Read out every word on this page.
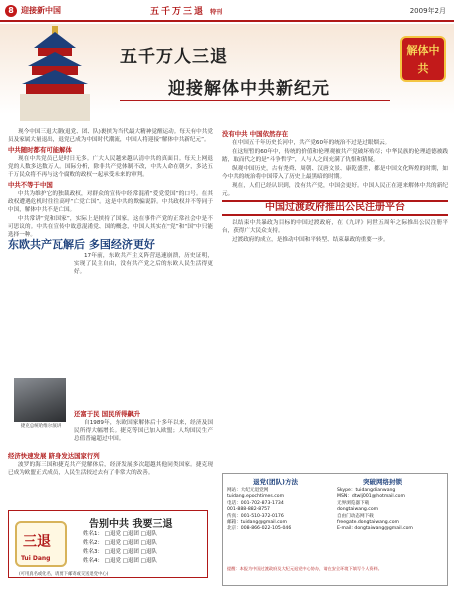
8 迎接新中国	五千万三退 特刊	2009年2月
五千万人三退
迎接解体中共新纪元
解体中共

现今中国三退大潮(退党、团、队)裹挟为当代最大精神觉醒运动。每天有中共党员及家属大量退出，退党已成为中国时代潮流，中国人将迎接“解体中共新纪元”。

中共随时都有可能解体

现在中共党员已是时日无多。广大人民越来越认清中共的真面目。每天上网退党的人数多达数万人。国际分析，除非共产党体制不改，中共人命在朝夕，多达五千万民众将不再与这个腐败的政权一起承受未来的审判。

中共不等于中国

中共为维护它的独裁政权，对群众的宣传中经常混淆“爱党爱国”的口号。在其政权遭遇危机时往往高呼“亡党亡国”。这是中共的欺骗说辞。中共政权并不等同于中国，解体中共不是亡国。

中共常讲“党和国家”，实际上是挟持了国家。这在事件产党的正常社会中是不可思议的。中共在宣传中故意混淆党、国的概念，中国人其实在“党”和“国”中只能选择一种。

东欧共产瓦解后 多国经济更好

17年前，东欧共产主义阵营迅速崩溃，历史证明，实现了民主自由，没有共产党之后的东欧人民生活得更好。

捷克总统哈维尔演讲
还富于民 国民所得飙升

自1989年，东欧国家解体后十多年以来，经济及国民所得大幅增长。捷克等国已加入欧盟；人均国民生产总值普遍超过中国。

经济快速发展 跻身发达国家行列

波罗的海三国和捷克共产党解体后，经济发展多次超越其他同类国家。捷克现已成为欧盟正式成员，人民生活较过去有了非常大的改善。

没有中共 中国依然存在

在中国五千年历史长河中，共产党60年的统治不过是过眼烟云。

在这短暂的60年中，传统的价值和伦理观被共产党破坏殆尽；中华民族的伦理道德被践踏，取而代之的是“斗争哲学”，人与人之间充满了仇恨和猜疑。

纵观中国历史，古有尧舜、周朝、汉唐文景、康乾盛世，都是中国文化辉煌的时期，如今中共的统治将中国带入了历史上最黑暗的时期。

现在，人们已经认识到，没有共产党，中国会更好。中国人民正在迎来解体中共的新纪元。

中国过渡政府推出公民注册平台

以结束中共暴政为目标的中国过渡政府，在《九评》问世五周年之际推出公民注册平台，获得广大民众支持。

过渡政府的成立，是推动中国和平转型、结束暴政的重要一步。

三退
Tui Dang
告别中共 我要三退
姓名1： □退党 □退团 □退队
姓名2： □退党 □退团 □退队
姓名3： □退党 □退团 □退队
姓名4： □退党 □退团 □退队
(可用真名或化名，请剪下邮寄或交送退党中心)
退党(团队)方法	突破网络封锁
网站：大纪元退党网
tuidang.epochtimes.com
电话：001-702-873-1734
001-888-882-8757
传真：001-510-372-0176
邮箱：tuidang@gmail.com
北京：008-866-022-105-046
Skype：tuidangdianwang
MSN：dtwlj001@hotmail.com
无界浏览器下载
dongtaiwang.com
自由门动态网下载
freegate.dongtaiwang.com
E-mail: dongtaiwang@gmail.com
提醒：本报为中国过渡政府及大纪元退党中心协办，请在安全环境下填写个人资料。
